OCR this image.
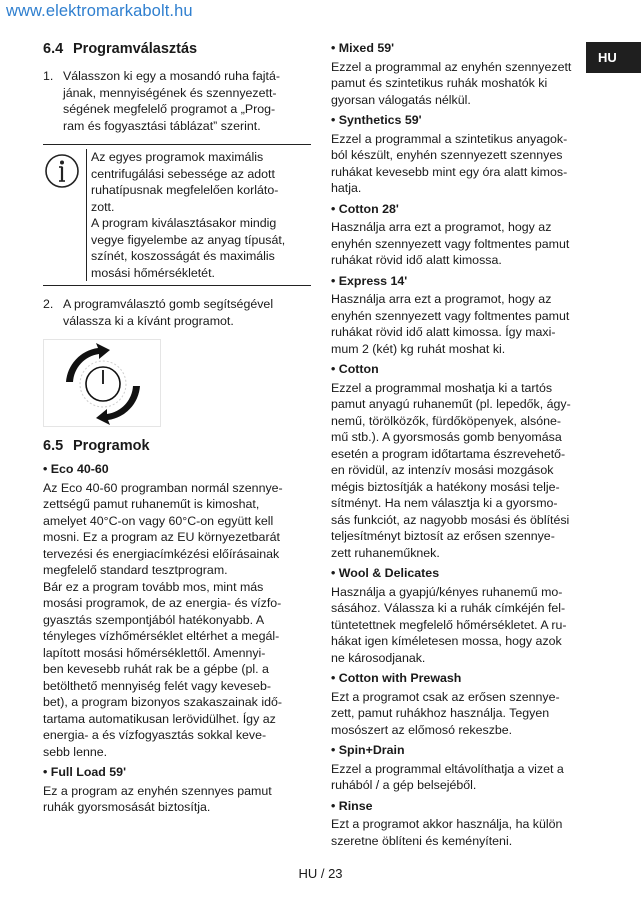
www.elektromarkabolt.hu
HU
6.4 Programválasztás
1. Válasszon ki egy a mosandó ruha fajtá-
jának, mennyiségének és szennyezett-
ségének megfelelő programot a „Prog-
ram és fogyasztási táblázat” szerint.
Az egyes programok maximális
centrifugálási sebessége az adott
ruhatípusnak megfelelően korláto-
zott.
A program kiválasztásakor mindig
vegye figyelembe az anyag típusát,
színét, koszosságát és maximális
mosási hőmérsékletét.
2. A programválasztó gomb segítségével
válassza ki a kívánt programot.
6.5 Programok
• Eco 40-60
Az Eco 40-60 programban normál szennye-
zettségű pamut ruhaneműt is kimoshat,
amelyet 40°C-on vagy 60°C-on együtt kell
mosni. Ez a program az EU környezetbarát
tervezési és energiacímkézési előírásainak
megfelelő standard tesztprogram.
Bár ez a program tovább mos, mint más
mosási programok, de az energia- és vízfo-
gyasztás szempontjából hatékonyabb. A
tényleges vízhőmérséklet eltérhet a megál-
lapított mosási hőmérséklettől. Amennyi-
ben kevesebb ruhát rak be a gépbe (pl. a
betölthető mennyiség felét vagy keveseb-
bet), a program bizonyos szakaszainak idő-
tartama automatikusan lerövidülhet. Így az
energia- a és vízfogyasztás sokkal keve-
sebb lenne.
• Full Load 59'
Ez a program az enyhén szennyes pamut
ruhák gyorsmosását biztosítja.
• Mixed 59'
Ezzel a programmal az enyhén szennyezett
pamut és szintetikus ruhák moshatók ki
gyorsan válogatás nélkül.
• Synthetics 59'
Ezzel a programmal a szintetikus anyagok-
ból készült, enyhén szennyezett szennyes
ruhákat kevesebb mint egy óra alatt kimos-
hatja.
• Cotton 28'
Használja arra ezt a programot, hogy az
enyhén szennyezett vagy foltmentes pamut
ruhákat rövid idő alatt kimossa.
• Express 14'
Használja arra ezt a programot, hogy az
enyhén szennyezett vagy foltmentes pamut
ruhákat rövid idő alatt kimossa. Így maxi-
mum 2 (két) kg ruhát moshat ki.
• Cotton
Ezzel a programmal moshatja ki a tartós
pamut anyagú ruhaneműt (pl. lepedők, ágy-
nemű, törölközők, fürdőköpenyek, alsóne-
mű stb.). A gyorsmosás gomb benyomása
esetén a program időtartama észrevehető-
en rövidül, az intenzív mosási mozgások
mégis biztosítják a hatékony mosási telje-
sítményt. Ha nem választja ki a gyorsmo-
sás funkciót, az nagyobb mosási és öblítési
teljesítményt biztosít az erősen szennye-
zett ruhaneműknek.
• Wool & Delicates
Használja a gyapjú/kényes ruhanemű mo-
sásához. Válassza ki a ruhák címkéjén fel-
tüntetettnek megfelelő hőmérsékletet. A ru-
hákat igen kíméletesen mossa, hogy azok
ne károsodjanak.
• Cotton with Prewash
Ezt a programot csak az erősen szennye-
zett, pamut ruhákhoz használja. Tegyen
mosószert az előmosó rekeszbe.
• Spin+Drain
Ezzel a programmal eltávolíthatja a vizet a
ruhából / a gép belsejéből.
• Rinse
Ezt a programot akkor használja, ha külön
szeretne öblíteni és keményíteni.
HU / 23
